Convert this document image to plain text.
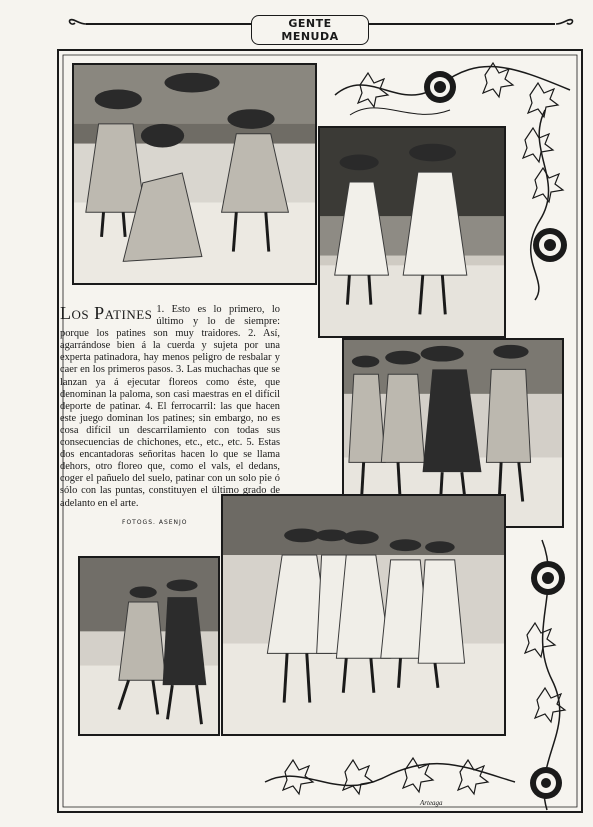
GENTE MENUDA
Los Patines 1. Esto es lo primero, lo último y lo de siempre: porque los patines son muy traidores. 2. Así, agarrándose bien á la cuerda y sujeta por una experta patinadora, hay menos peligro de resbalar y caer en los primeros pasos. 3. Las muchachas que se lanzan ya á ejecutar floreos como éste, que denominan la paloma, son casi maestras en el difícil deporte de patinar. 4. El ferrocarril: las que hacen este juego dominan los patines; sin embargo, no es cosa difícil un descarrilamiento con todas sus consecuencias de chichones, etc., etc., etc. 5. Estas dos encantadoras señoritas hacen lo que se llama dehors, otro floreo que, como el vals, el dedans, coger el pañuelo del suelo, patinar con un solo pie ó sólo con las puntas, constituyen el último grado de adelanto en el arte.
FOTOGS. ASENJO
Arteaga
